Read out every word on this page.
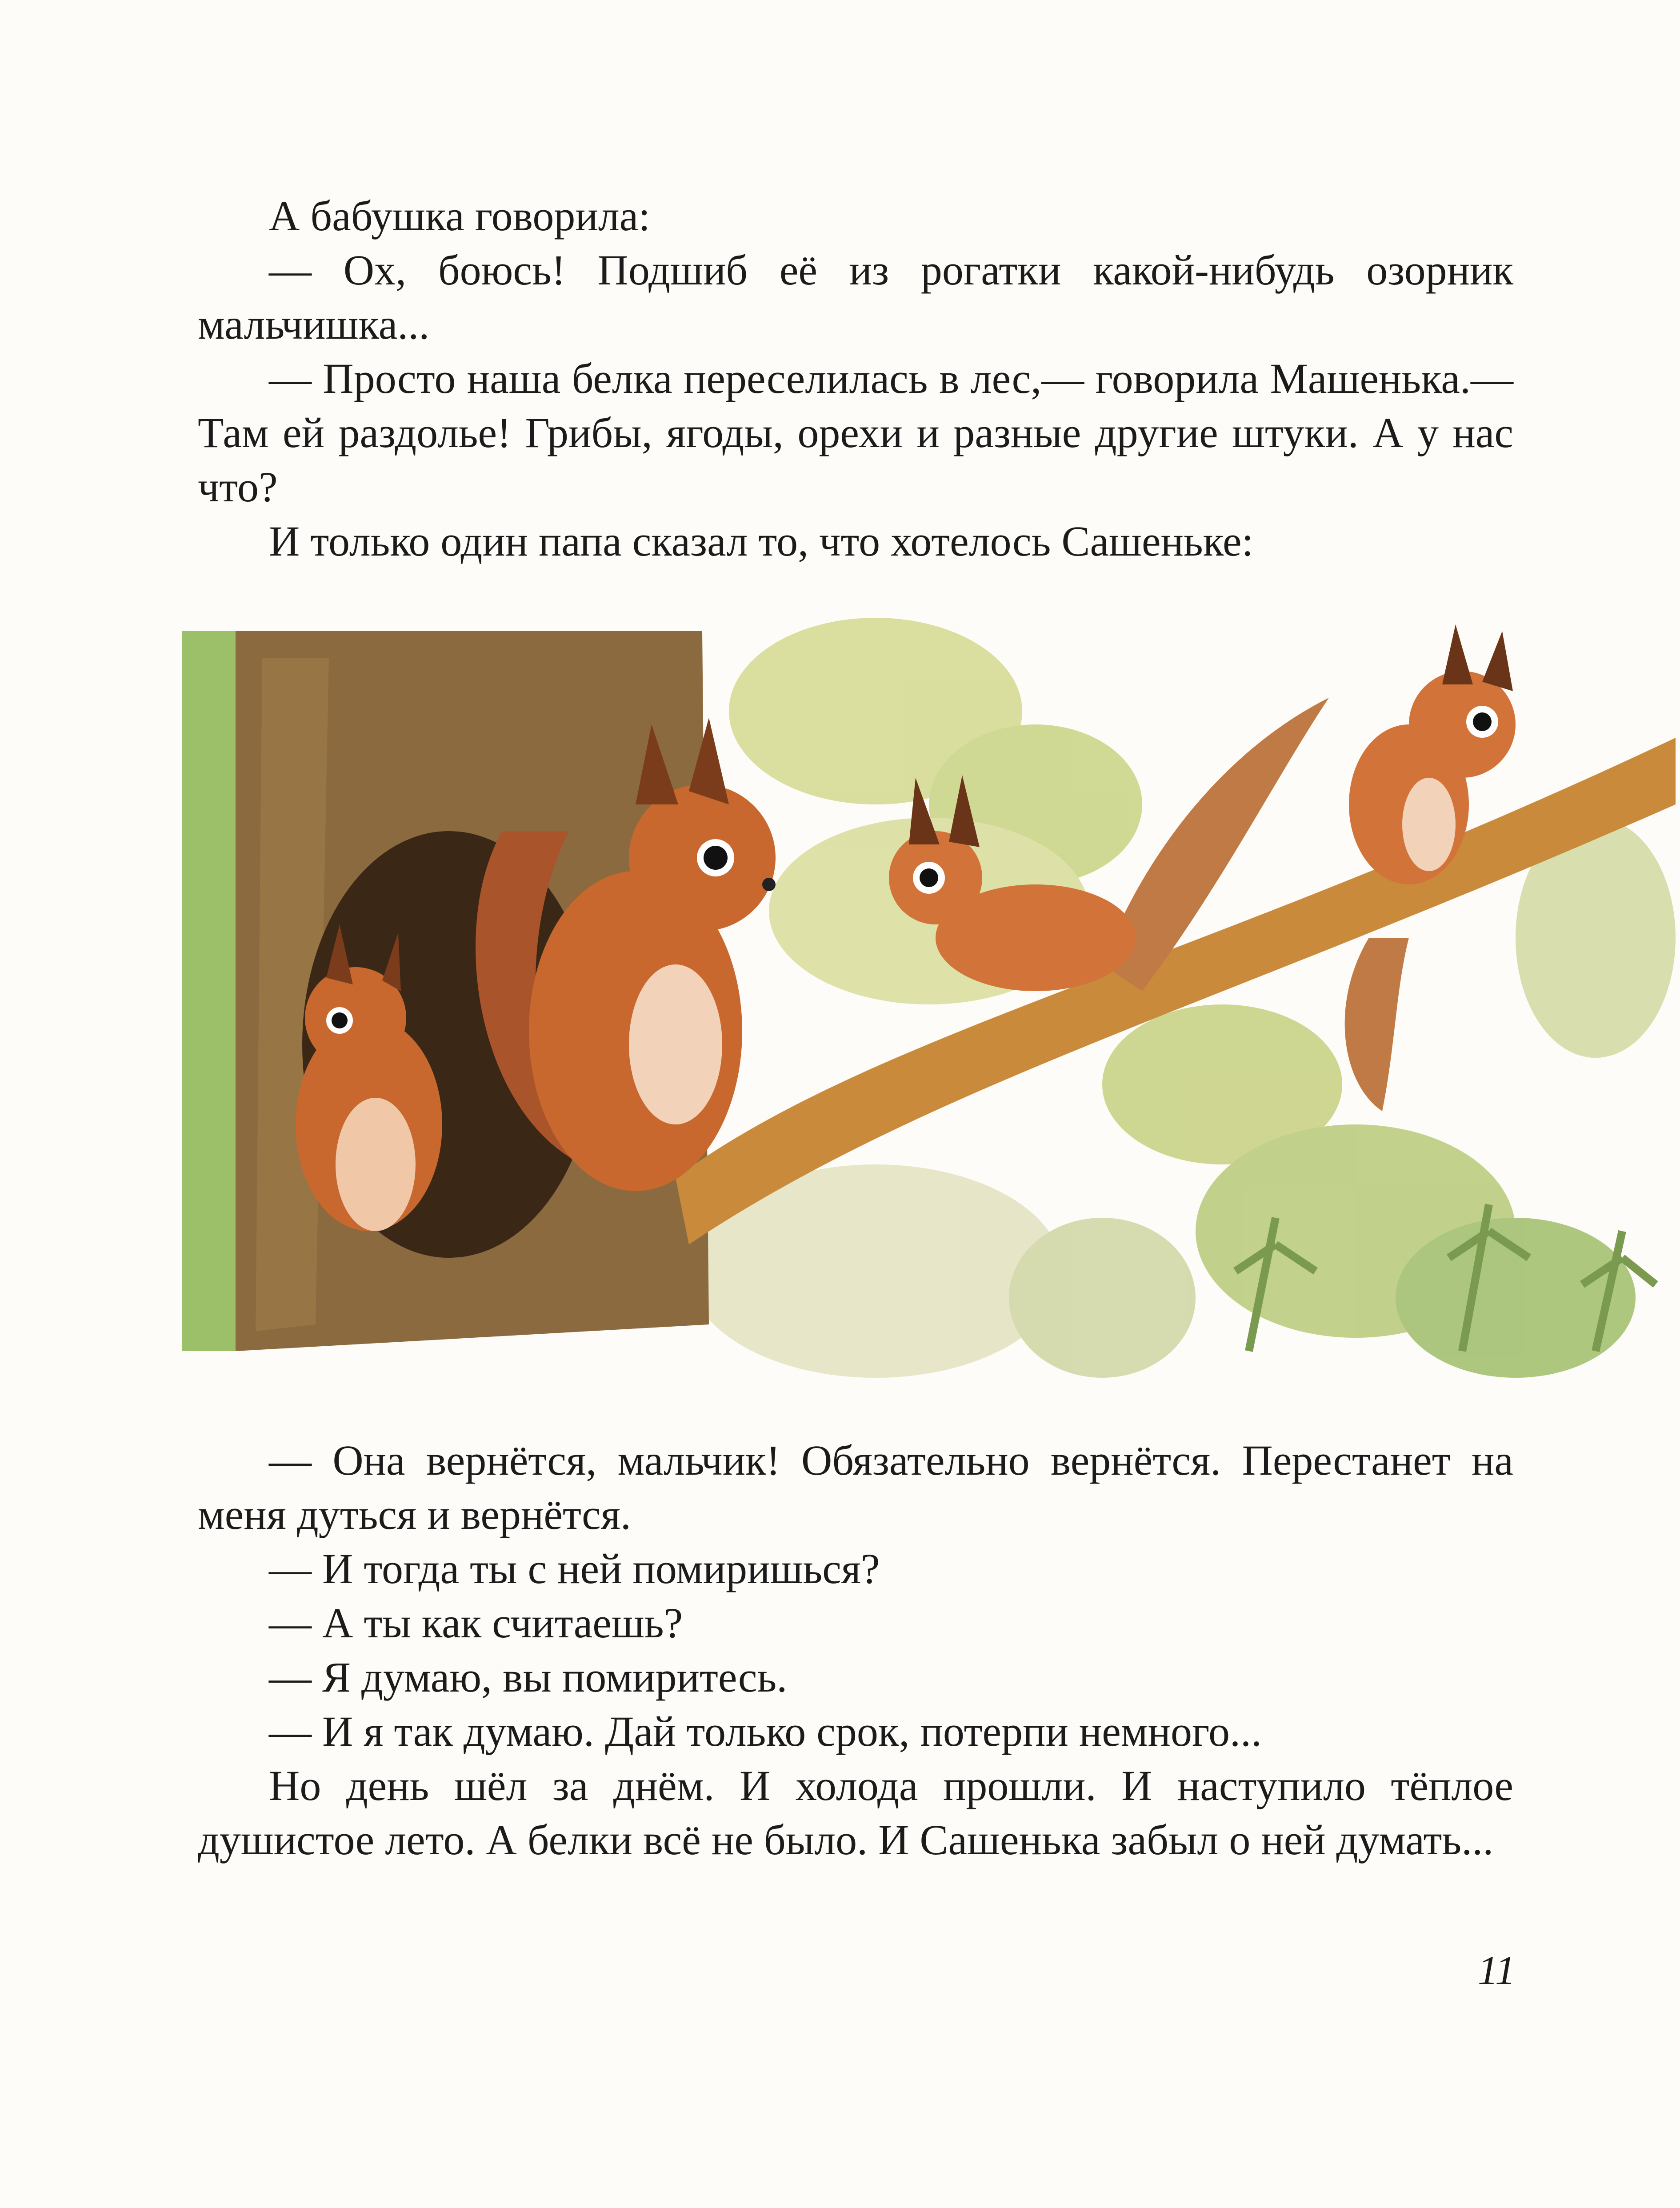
А бабушка говорила:

— Ох, боюсь! Подшиб её из рогатки какой-нибудь озорник мальчишка...

— Просто наша белка переселилась в лес,— говорила Машенька.— Там ей раздолье! Грибы, ягоды, орехи и разные другие штуки. А у нас что?

И только один папа сказал то, что хотелось Сашеньке:

— Она вернётся, мальчик! Обязательно вернётся. Перестанет на меня дуться и вернётся.

— И тогда ты с ней помиришься?

— А ты как считаешь?

— Я думаю, вы помиритесь.

— И я так думаю. Дай только срок, потерпи немного...

Но день шёл за днём. И холода прошли. И наступило тёплое душистое лето. А белки всё не было. И Сашенька забыл о ней думать...

11
